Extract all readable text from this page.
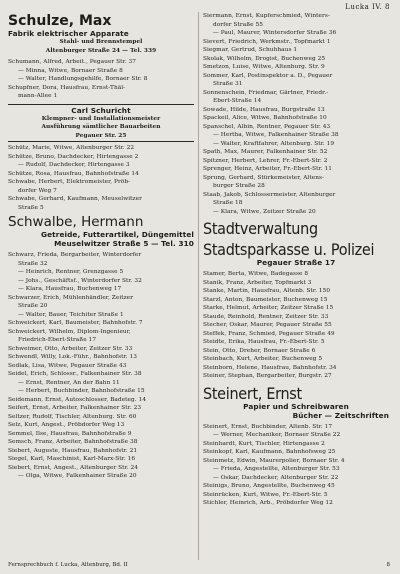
Lucka IV. 8
Schulze, Max
Fabrik elektrischer Apparate
Stahl- und Brennstempel
Altenburger Straße 24 — Tel. 339
Schumann, Alfred, Arbeit., Pegauer Str. 37
— Minna, Witwe, Bornaer Straße 8
— Walter, Handlungsgehilfe, Bornaer Str. 8
Schupfner, Dora, Hausfrau, Ernst-Thäl-
mann-Allee 1
Carl Schuricht
Klempner- und Installationsmeister
Ausführung sämtlicher Bauarbeiten
Pegauer Str. 25
Schütz, Marie, Witwe, Altenburger Str. 22
Schütze, Bruno, Dachdecker, Hirtengasse 2
— Rudolf, Dachdecker, Hirtengasse 3
Schütze, Rosa, Hausfrau, Bahnhofstraße 14
Schwabe, Herbert, Elektromeister, Pröb-
dorfer Weg 7
Schwabe, Gerhard, Kaufmann, Meuselwitzer
Straße 5
Schwalbe, Hermann
Getreide, Futterartikel, Düngemittel
Meuselwitzer Straße 5 — Tel. 310
Schwarz, Frieda, Bergarbeiter, Winterdorfer
Straße 32
— Heinrich, Rentner, Grenzgasse 5
— Johs., Geschäftsf., Winterdorfer Str. 32
— Klara, Hausfrau, Buchenweg 17
Schwarzer, Erich, Mühlenhändler, Zeitzer
Straße 20
— Walter, Bauer, Teichiter Straße 1
Schweickert, Karl, Baumeister, Bahnhofstr. 7
Schweickert, Wilhelm, Diplom-Ingenieur,
Friedrich-Ebert-Straße 17
Schweimer, Otto, Arbeiter, Zeitzer Str. 33
Schwendl, Willy, Lok.-Führ., Bahnhofstr. 13
Sedlak, Lisa, Witwe, Pegauer Straße 43
Seidel, Erich, Schlossr., Falkenhainer Str. 38
— Ernst, Rentner, An der Bahn 11
— Herbert, Buchbinder, Bahnhofstraße 15
Seidemann, Ernst, Autoschlosser, Badeteg. 14
Seifert, Ernst, Arbeiter, Falkenhainer Str. 23
Seltzer, Rudolf, Tischler, Altenburg. Str. 60
Selz, Kurt, Angest., Pröbdorfer Weg 13
Semmel, Ilse, Hausfrau, Bahnhofstraße 9
Semsch, Franz, Arbeiter, Bahnhofstraße 38
Siebert, Auguste, Hausfrau, Bahnhofstr. 21
Siegel, Karl, Maschinist, Karl-Marx-Str. 16
Siebert, Ernst, Angest., Altenburger Str. 24
— Olga, Witwe, Falkenhainer Straße 20
Siermann, Ernst, Kupferschmied, Winters-
dorfer Straße 55
— Paul, Maurer, Wintersdorfer Straße 36
Sievert, Friedrich, Werkmstr., Topfmarkt 1
Siegmar, Gertrud, Schuhhaus 1
Skolak, Wilhelm, Drogist, Buchenweg 25
Smetzon, Luise, Witwe, Altenburg. Str. 9
Sommer, Karl, Postinspektor a. D., Pegauer
Straße 31
Sonnenschein, Friedmar, Gärtner, Friedr.-
Ebert-Straße 14
Sowade, Hilde, Hausfrau, Burgstraße 13
Spackeil, Alice, Witwe, Bahnhofstraße 10
Spanschel, Albin, Rentner, Pegauer Str. 43
— Hertha, Witwe, Falkenhainer Straße 38
— Walter, Kraftfahrer, Altenburg. Str. 19
Spath, Max, Maurer, Falkenhainer Str. 52
Spitzner, Herbert, Lehrer, Fr.-Ebert-Str. 2
Sprenger, Heinz, Arbeiter, Fr.-Ebert-Str. 11
Sprung, Gerhard, Stürkemeister, Altens-
burger Straße 28
Staab, Jakob, Schlossermeister, Altenburger
Straße 18
— Klara, Witwe, Zeitzer Straße 20
Stadtverwaltung
Stadtsparkasse u. Polizei
Pegauer Straße 17
Stamer, Berta, Witwe, Badegasse 8
Stanik, Franz, Arbeiter, Topfmarkt 3
Stanke, Martin, Hausfrau, Altenb. Str. 150
Starzl, Anton, Baumeister, Buchenweg 15
Starke, Helmut, Arbeiter, Zeitzer Straße 15
Staude, Reinhold, Rentner, Zeitzer Str. 33
Stecher, Oskar, Maurer, Pegauer Straße 55
Steffek, Franz, Schmied, Pegauer Straße 49
Steidte, Erika, Hausfrau, Fr.-Ebert-Str. 5
Stein, Otto, Dreher, Bornaer Straße 6
Steinbach, Kurt, Arbeiter, Buchenweg 5
Steinborn, Helene, Hausfrau, Bahnhofstr. 34
Steiner, Stephan, Bergarbeiter, Burgstr. 27
Steinert, Ernst
Papier und Schreibwaren
Bücher — Zeitschriften
Steinert, Ernst, Buchbinder, Altenb. Str. 17
— Werner, Mechaniker, Bornaer Straße 22
Steinhardt, Kurt, Tischler, Hirtengasse 2
Steinkopf, Karl, Kaufmann, Bahnhofsweg 25
Steinmetz, Edwin, Maurerpolier, Bornaer Str. 4
— Frieda, Angestellte, Altenburger Str. 53
— Oskar, Dachdecker, Altenburger Str. 22
Steinigs, Bruno, Angestellte, Buchenweg 45
Steinrücken, Kurt, Witwe, Fr.-Ebert-Str. 5
Stichler, Heinrich, Arb., Pröbdorfer Weg 12
Fernsprechbuch f. Lucka, Altenburg, Bd. II	8
